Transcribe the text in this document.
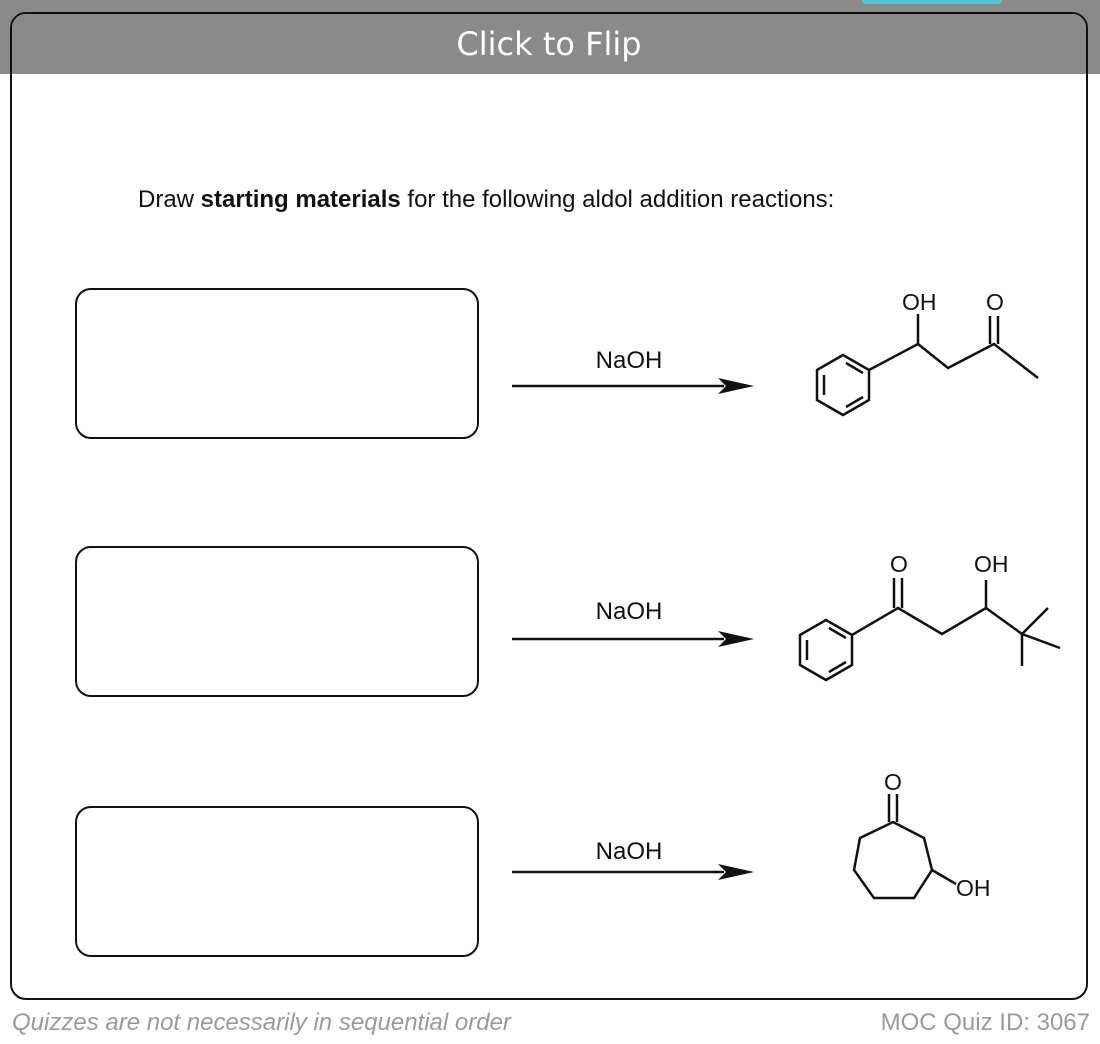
Click to Flip
Draw starting materials for the following aldol addition reactions:
NaOH
OH O
NaOH
O	OH
NaOH
O
OH
Quizzes are not necessarily in sequential order	MOC Quiz ID: 3067
